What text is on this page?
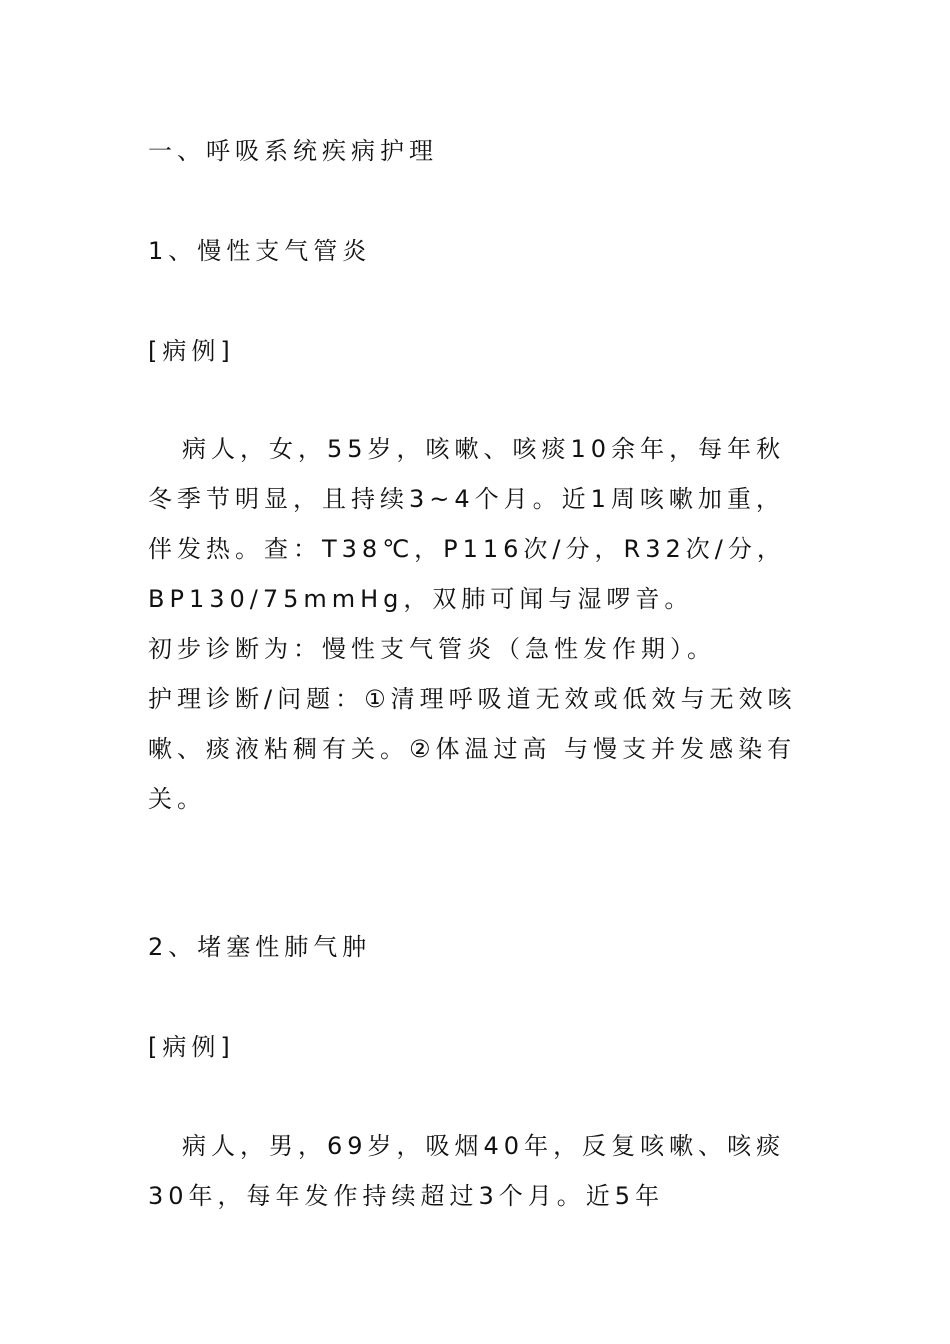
一、呼吸系统疾病护理
1、慢性支气管炎
[病例]

病人，女，55岁，咳嗽、咳痰10余年，每年秋冬季节明显，且持续3~4个月。近1周咳嗽加重，伴发热。查：T38℃，P116次/分，R32次/分，BP130/75mmHg，双肺可闻与湿啰音。

初步诊断为：慢性支气管炎（急性发作期）。

护理诊断/问题：①清理呼吸道无效或低效与无效咳嗽、痰液粘稠有关。②体温过高 与慢支并发感染有关。

2、堵塞性肺气肿
[病例]

病人，男，69岁，吸烟40年，反复咳嗽、咳痰30年，每年发作持续超过3个月。近5年
